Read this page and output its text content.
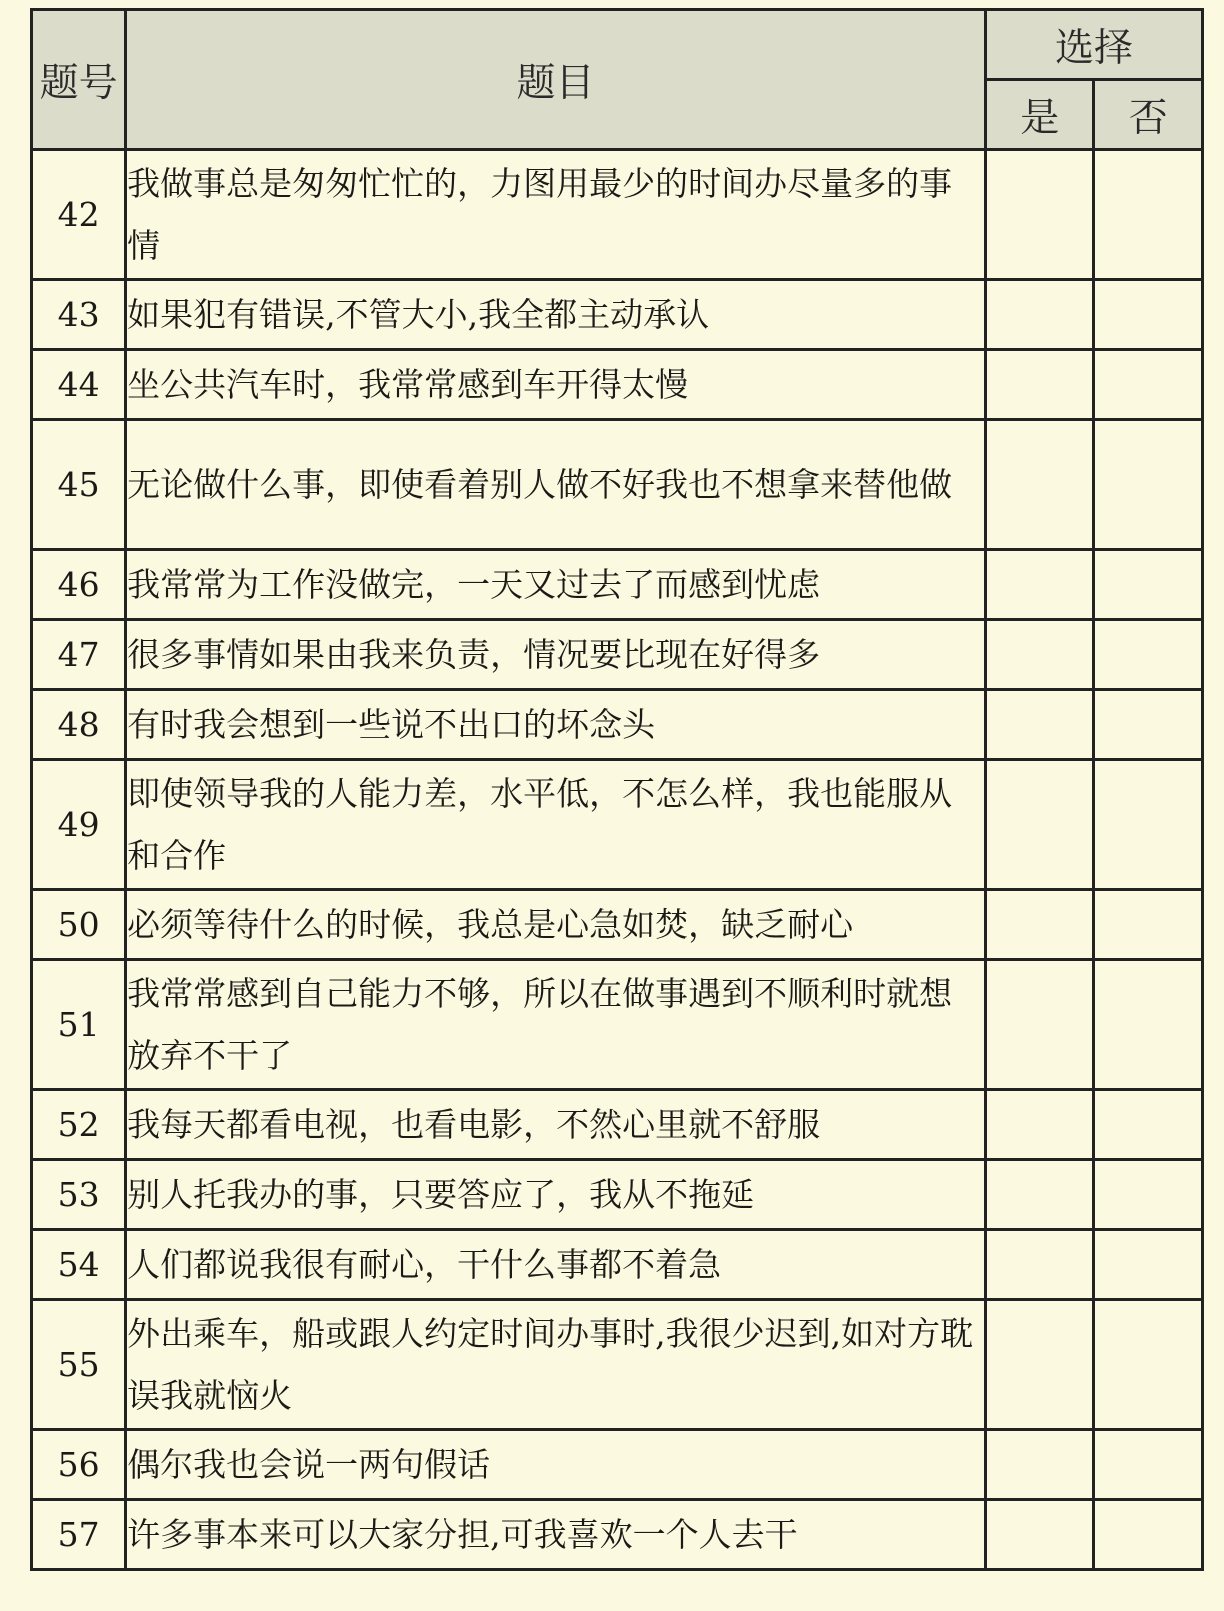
题号	题目	选择	
		是	否
42	我做事总是匆匆忙忙的，力图用最少的时间办尽量多的事情		
43	如果犯有错误,不管大小,我全都主动承认		
44	坐公共汽车时，我常常感到车开得太慢		
45	无论做什么事，即使看着别人做不好我也不想拿来替他做		
46	我常常为工作没做完，一天又过去了而感到忧虑		
47	很多事情如果由我来负责，情况要比现在好得多		
48	有时我会想到一些说不出口的坏念头		
49	即使领导我的人能力差，水平低，不怎么样，我也能服从和合作		
50	必须等待什么的时候，我总是心急如焚，缺乏耐心		
51	我常常感到自己能力不够，所以在做事遇到不顺利时就想放弃不干了		
52	我每天都看电视，也看电影，不然心里就不舒服		
53	别人托我办的事，只要答应了，我从不拖延		
54	人们都说我很有耐心，干什么事都不着急		
55	外出乘车，船或跟人约定时间办事时,我很少迟到,如对方耽误我就恼火		
56	偶尔我也会说一两句假话		
57	许多事本来可以大家分担,可我喜欢一个人去干		
